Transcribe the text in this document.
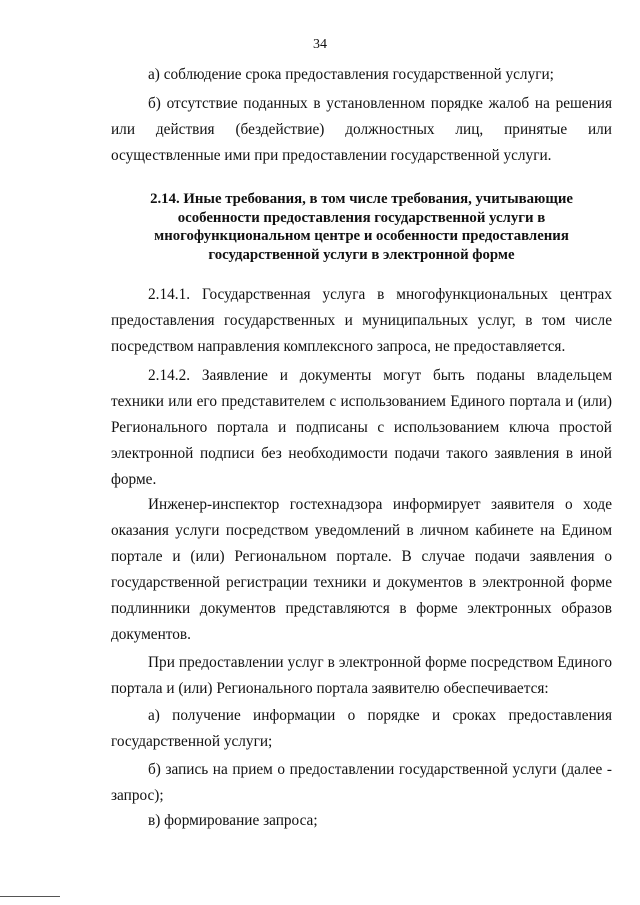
34
а) соблюдение срока предоставления государственной услуги;
б) отсутствие поданных в установленном порядке жалоб на решения
или действия (бездействие) должностных лиц, принятые или
осуществленные ими при предоставлении государственной услуги.
2.14. Иные требования, в том числе требования, учитывающие особенности предоставления государственной услуги в многофункциональном центре и особенности предоставления государственной услуги в электронной форме
2.14.1. Государственная услуга в многофункциональных центрах предоставления государственных и муниципальных услуг, в том числе посредством направления комплексного запроса, не предоставляется.
2.14.2. Заявление и документы могут быть поданы владельцем техники или его представителем с использованием Единого портала и (или) Регионального портала и подписаны с использованием ключа простой электронной подписи без необходимости подачи такого заявления в иной форме.
Инженер-инспектор гостехнадзора информирует заявителя о ходе оказания услуги посредством уведомлений в личном кабинете на Едином портале и (или) Региональном портале. В случае подачи заявления о государственной регистрации техники и документов в электронной форме подлинники документов представляются в форме электронных образов документов.
При предоставлении услуг в электронной форме посредством Единого портала и (или) Регионального портала заявителю обеспечивается:
а) получение информации о порядке и сроках предоставления государственной услуги;
б) запись на прием о предоставлении государственной услуги (далее - запрос);
в) формирование запроса;
